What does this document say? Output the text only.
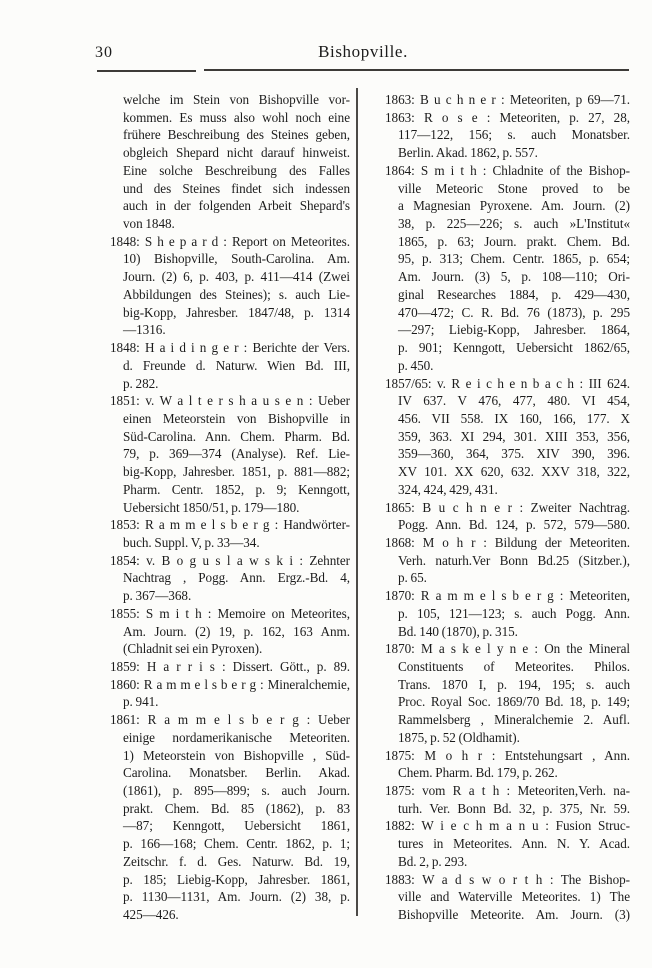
30	Bishopville.
welche im Stein von Bishopville vor-
kommen. Es muss also wohl noch eine
frühere Beschreibung des Steines geben,
obgleich Shepard nicht darauf hinweist.
Eine solche Beschreibung des Falles
und des Steines findet sich indessen
auch in der folgenden Arbeit Shepard's
von 1848.
1848: S h e p a r d : Report on Meteorites.
10) Bishopville, South-Carolina. Am.
Journ. (2) 6, p. 403, p. 411—414 (Zwei
Abbildungen des Steines); s. auch Lie-
big-Kopp, Jahresber. 1847/48, p. 1314
—1316.
1848: H a i d i n g e r : Berichte der Vers.
d. Freunde d. Naturw. Wien Bd. III,
p. 282.
1851: v. W a l t e r s h a u s e n : Ueber
einen Meteorstein von Bishopville in
Süd-Carolina. Ann. Chem. Pharm. Bd.
79, p. 369—374 (Analyse). Ref. Lie-
big-Kopp, Jahresber. 1851, p. 881—882;
Pharm. Centr. 1852, p. 9; Kenngott,
Uebersicht 1850/51, p. 179—180.
1853: R a m m e l s b e r g : Handwörter-
buch. Suppl. V, p. 33—34.
1854: v. B o g u s l a w s k i : Zehnter
Nachtrag , Pogg. Ann. Ergz.-Bd. 4,
p. 367—368.
1855: S m i t h : Memoire on Meteorites,
Am. Journ. (2) 19, p. 162, 163 Anm.
(Chladnit sei ein Pyroxen).
1859: H a r r i s : Dissert. Gött., p. 89.
1860: R a m m e l s b e r g : Mineralchemie,
p. 941.
1861: R a m m e l s b e r g : Ueber
einige nordamerikanische Meteoriten.
1) Meteorstein von Bishopville , Süd-
Carolina. Monatsber. Berlin. Akad.
(1861), p. 895—899; s. auch Journ.
prakt. Chem. Bd. 85 (1862), p. 83
—87; Kenngott, Uebersicht 1861,
p. 166—168; Chem. Centr. 1862, p. 1;
Zeitschr. f. d. Ges. Naturw. Bd. 19,
p. 185; Liebig-Kopp, Jahresber. 1861,
p. 1130—1131, Am. Journ. (2) 38, p.
425—426.
1863: B u c h n e r : Meteoriten, p 69—71.
1863: R o s e : Meteoriten, p. 27, 28,
117—122, 156; s. auch Monatsber.
Berlin. Akad. 1862, p. 557.
1864: S m i t h : Chladnite of the Bishop-
ville Meteoric Stone proved to be
a Magnesian Pyroxene. Am. Journ. (2)
38, p. 225—226; s. auch »L'Institut«
1865, p. 63; Journ. prakt. Chem. Bd.
95, p. 313; Chem. Centr. 1865, p. 654;
Am. Journ. (3) 5, p. 108—110; Ori-
ginal Researches 1884, p. 429—430,
470—472; C. R. Bd. 76 (1873), p. 295
—297; Liebig-Kopp, Jahresber. 1864,
p. 901; Kenngott, Uebersicht 1862/65,
p. 450.
1857/65: v. R e i c h e n b a c h : III 624.
IV 637. V 476, 477, 480. VI 454,
456. VII 558. IX 160, 166, 177. X
359, 363. XI 294, 301. XIII 353, 356,
359—360, 364, 375. XIV 390, 396.
XV 101. XX 620, 632. XXV 318, 322,
324, 424, 429, 431.
1865: B u c h n e r : Zweiter Nachtrag.
Pogg. Ann. Bd. 124, p. 572, 579—580.
1868: M o h r : Bildung der Meteoriten.
Verh. naturh.Ver Bonn Bd.25 (Sitzber.),
p. 65.
1870: R a m m e l s b e r g : Meteoriten,
p. 105, 121—123; s. auch Pogg. Ann.
Bd. 140 (1870), p. 315.
1870: M a s k e l y n e : On the Mineral
Constituents of Meteorites. Philos.
Trans. 1870 I, p. 194, 195; s. auch
Proc. Royal Soc. 1869/70 Bd. 18, p. 149;
Rammelsberg , Mineralchemie 2. Aufl.
1875, p. 52 (Oldhamit).
1875: M o h r : Entstehungsart , Ann.
Chem. Pharm. Bd. 179, p. 262.
1875: vom R a t h : Meteoriten,Verh. na-
turh. Ver. Bonn Bd. 32, p. 375, Nr. 59.
1882: W i e c h m a n u : Fusion Struc-
tures in Meteorites. Ann. N. Y. Acad.
Bd. 2, p. 293.
1883: W a d s w o r t h : The Bishop-
ville and Waterville Meteorites. 1) The
Bishopville Meteorite. Am. Journ. (3)
